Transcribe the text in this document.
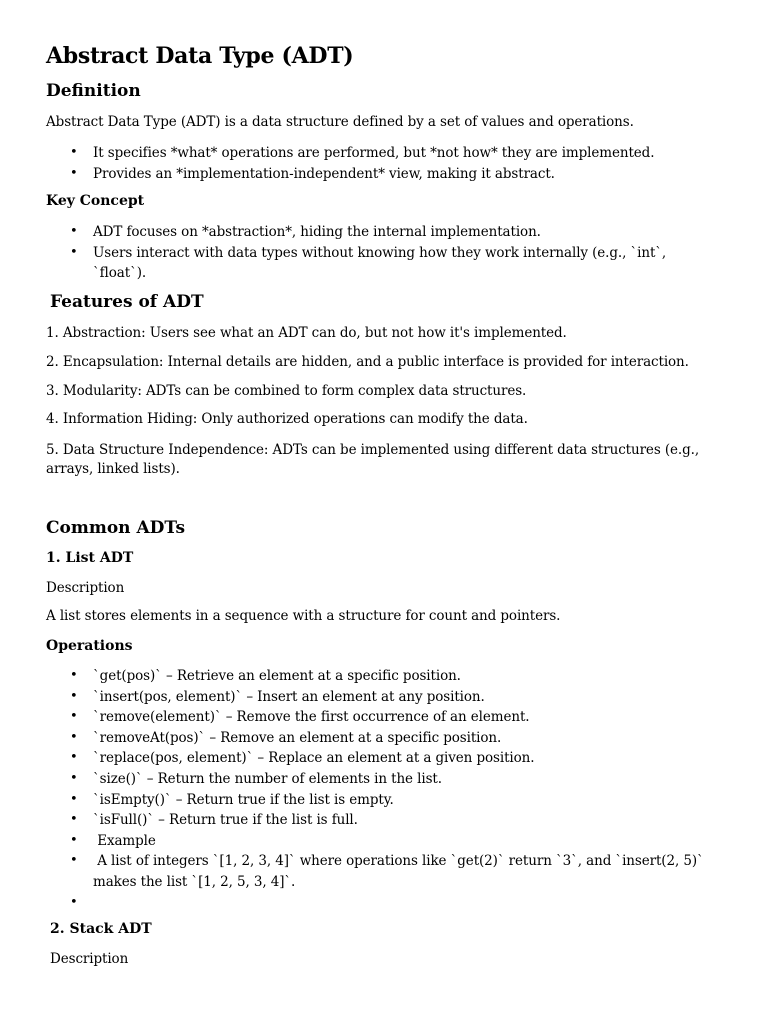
Abstract Data Type (ADT)
Definition

Abstract Data Type (ADT) is a data structure defined by a set of values and operations.

• It specifies *what* operations are performed, but *not how* they are implemented.
• Provides an *implementation-independent* view, making it abstract.
Key Concept
• ADT focuses on *abstraction*, hiding the internal implementation.
• Users interact with data types without knowing how they work internally (e.g., `int`, `float`).
Features of ADT

1. Abstraction: Users see what an ADT can do, but not how it's implemented.

2. Encapsulation: Internal details are hidden, and a public interface is provided for interaction.

3. Modularity: ADTs can be combined to form complex data structures.

4. Information Hiding: Only authorized operations can modify the data.

5. Data Structure Independence: ADTs can be implemented using different data structures (e.g., arrays, linked lists).

Common ADTs
1. List ADT

Description

A list stores elements in a sequence with a structure for count and pointers.

Operations
• `get(pos)` – Retrieve an element at a specific position.
• `insert(pos, element)` – Insert an element at any position.
• `remove(element)` – Remove the first occurrence of an element.
• `removeAt(pos)` – Remove an element at a specific position.
• `replace(pos, element)` – Replace an element at a given position.
• `size()` – Return the number of elements in the list.
• `isEmpty()` – Return true if the list is empty.
• `isFull()` – Return true if the list is full.
•  Example
•  A list of integers `[1, 2, 3, 4]` where operations like `get(2)` return `3`, and `insert(2, 5)` makes the list `[1, 2, 5, 3, 4]`.
•
2. Stack ADT

Description
